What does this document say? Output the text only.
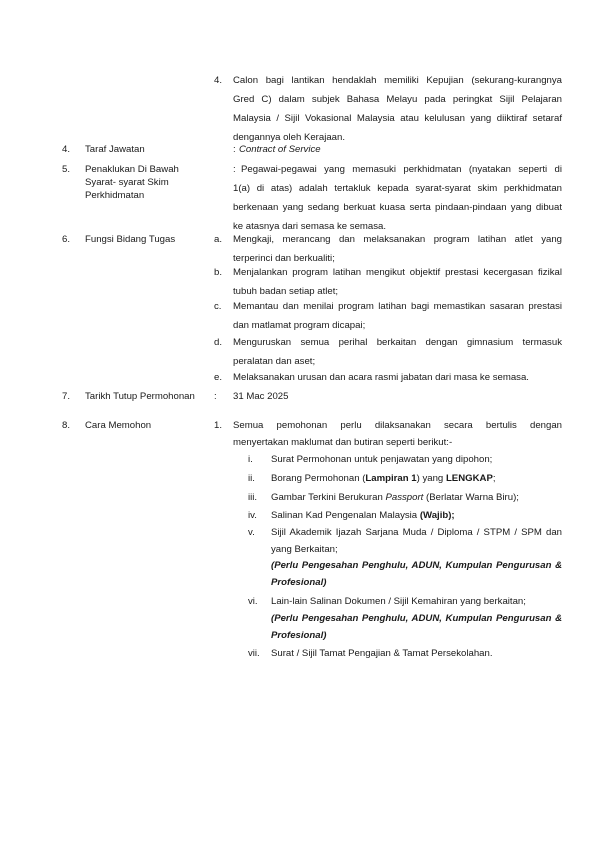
4. Calon bagi lantikan hendaklah memiliki Kepujian (sekurang-kurangnya
Gred C) dalam subjek Bahasa Melayu pada peringkat Sijil Pelajaran
Malaysia / Sijil Vokasional Malaysia atau kelulusan yang diiktiraf setaraf
dengannya oleh Kerajaan.
4. Taraf Jawatan	: Contract of Service
5. Penaklukan Di Bawah
Syarat- syarat Skim
Perkhidmatan
: Pegawai-pegawai yang memasuki perkhidmatan (nyatakan seperti di
1(a) di atas) adalah tertakluk kepada syarat-syarat skim perkhidmatan
berkenaan yang sedang berkuat kuasa serta pindaan-pindaan yang dibuat
ke atasnya dari semasa ke semasa.
6. Fungsi Bidang Tugas	a. Mengkaji, merancang dan melaksanakan program latihan atlet yang
terperinci dan berkualiti;
b. Menjalankan program latihan mengikut objektif prestasi kecergasan fizikal
tubuh badan setiap atlet;
c. Memantau dan menilai program latihan bagi memastikan sasaran prestasi
dan matlamat program dicapai;
d. Menguruskan semua perihal berkaitan dengan gimnasium termasuk
peralatan dan aset;
e. Melaksanakan urusan dan acara rasmi jabatan dari masa ke semasa.
7. Tarikh Tutup Permohonan : 31 Mac 2025
8. Cara Memohon	1. Semua pemohonan perlu dilaksanakan secara bertulis dengan
menyertakan maklumat dan butiran seperti berikut:-
i. Surat Permohonan untuk penjawatan yang dipohon;
ii. Borang Permohonan (Lampiran 1) yang LENGKAP;
iii. Gambar Terkini Berukuran Passport (Berlatar Warna Biru);
iv. Salinan Kad Pengenalan Malaysia (Wajib);
v. Sijil Akademik Ijazah Sarjana Muda / Diploma / STPM / SPM dan
yang Berkaitan;
(Perlu Pengesahan Penghulu, ADUN, Kumpulan Pengurusan &
Profesional)
vi. Lain-lain Salinan Dokumen / Sijil Kemahiran yang berkaitan;
(Perlu Pengesahan Penghulu, ADUN, Kumpulan Pengurusan &
Profesional)
vii. Surat / Sijil Tamat Pengajian & Tamat Persekolahan.
